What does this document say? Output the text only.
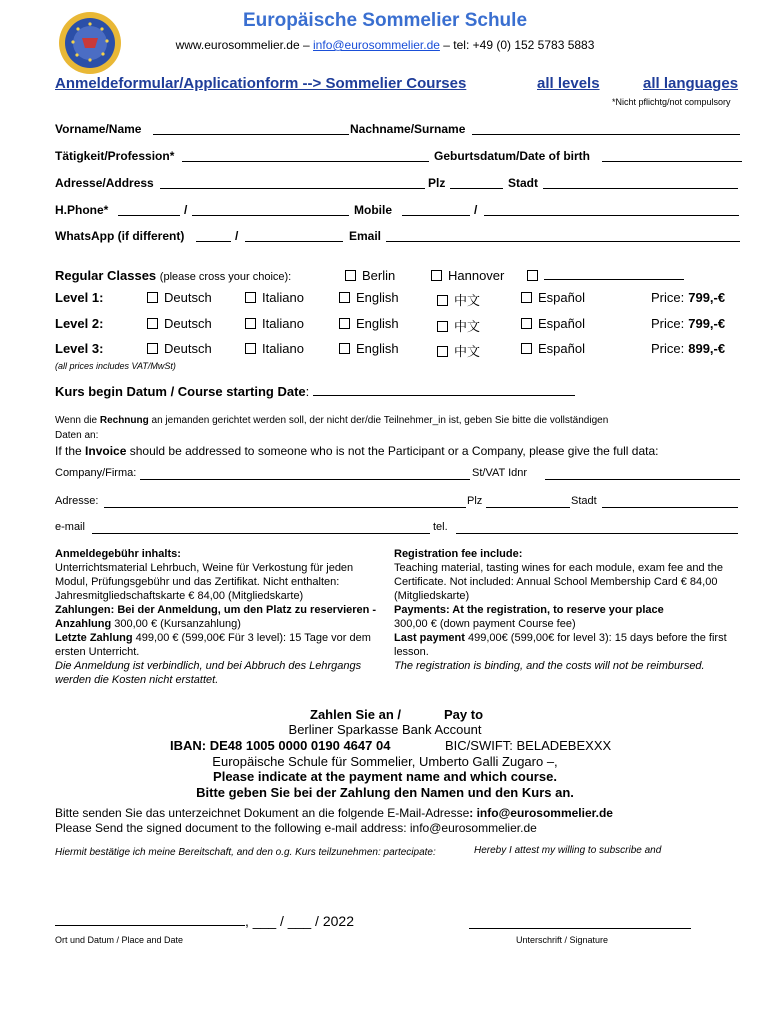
Europäische Sommelier Schule
www.eurosommelier.de – info@eurosommelier.de – tel: +49 (0) 152 5783 5883
Anmeldeformular/Applicationform --> Sommelier Courses	all levels	all languages
*Nicht pflichtg/not compulsory
Vorname/Name	Nachname/Surname
Tätigkeit/Profession*	Geburtsdatum/Date of birth
Adresse/Address	Plz	Stadt
H.Phone*	/	Mobile	/
WhatsApp (if different)	/	Email
Regular Classes (please cross your choice):	Berlin	Hannover
Level 1:	Deutsch	Italiano	English	中文	Español	Price: 799,-€
Level 2:	Deutsch	Italiano	English	中文	Español	Price: 799,-€
Level 3:	Deutsch	Italiano	English	中文	Español	Price: 899,-€
(all prices includes VAT/MwSt)
Kurs begin Datum / Course starting Date:
Wenn die Rechnung an jemanden gerichtet werden soll, der nicht der/die Teilnehmer_in ist, geben Sie bitte die vollständigen
Daten an:
If the Invoice should be addressed to someone who is not the Participant or a Company, please give the full data:
Company/Firma:	St/VAT Idnr
Adresse:	Plz	Stadt
e-mail	tel.
Anmeldegebühr inhalts:
Unterrichtsmaterial Lehrbuch, Weine für Verkostung für jeden Modul, Prüfungsgebühr und das Zertifikat. Nicht enthalten: Jahresmitgliedschaftskarte € 84,00 (Mitgliedskarte)
Zahlungen: Bei der Anmeldung, um den Platz zu reservieren - Anzahlung 300,00 € (Kursanzahlung)
Letzte Zahlung 499,00 € (599,00€ Für 3 level): 15 Tage vor dem ersten Unterricht.
Die Anmeldung ist verbindlich, und bei Abbruch des Lehrgangs werden die Kosten nicht erstattet.
Registration fee include:
Teaching material, tasting wines for each module, exam fee and the Certificate. Not included: Annual School Membership Card € 84,00 (Mitgliedskarte)
Payments: At the registration, to reserve your place
300,00 € (down payment Course fee)
Last payment 499,00€ (599,00€ for level 3): 15 days before the first lesson.
The registration is binding, and the costs will not be reimbursed.
Zahlen Sie an /	Pay to
Berliner Sparkasse Bank Account
IBAN: DE48 1005 0000 0190 4647 04	BIC/SWIFT: BELADEBEXXX
Europäische Schule für Sommelier, Umberto Galli Zugaro –,
Please indicate at the payment name and which course.
Bitte geben Sie bei der Zahlung den Namen und den Kurs an.
Bitte senden Sie das unterzeichnet Dokument an die folgende E-Mail-Adresse: info@eurosommelier.de
Please Send the signed document to the following e-mail address: info@eurosommelier.de
Hiermit bestätige ich meine Bereitschaft, and den o.g. Kurs teilzunehmen: partecipate:	Hereby I attest my willing to subscribe and
, ___ / ___ / 2022
Ort und Datum / Place and Date	Unterschrift / Signature
